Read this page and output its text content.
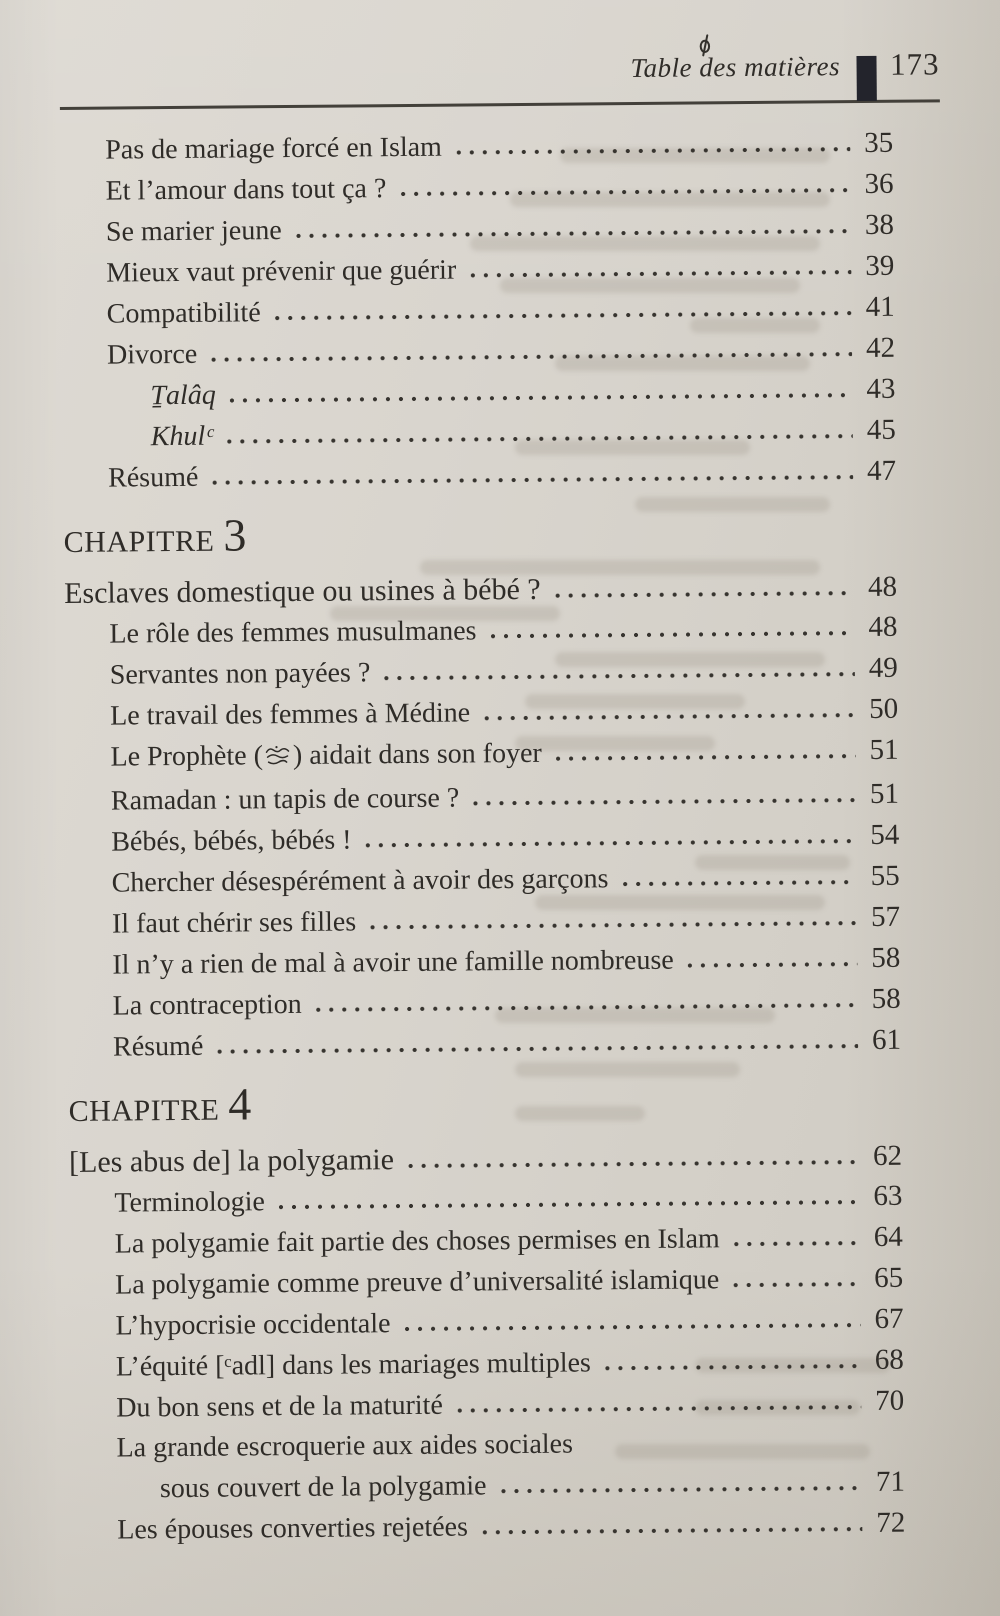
Table des matières 173
Pas de mariage forcé en Islam	35
Et l’amour dans tout ça ?	36
Se marier jeune	38
Mieux vaut prévenir que guérir	39
Compatibilité	41
Divorce	42
Ṯalâq	43
Khulᶜ	45
Résumé	47
CHAPITRE 3
Esclaves domestique ou usines à bébé ?	48
Le rôle des femmes musulmanes	48
Servantes non payées ?	49
Le travail des femmes à Médine	50
Le Prophète ( ) aidait dans son foyer	51
Ramadan : un tapis de course ?	51
Bébés, bébés, bébés !	54
Chercher désespérément à avoir des garçons	55
Il faut chérir ses filles	57
Il n’y a rien de mal à avoir une famille nombreuse	58
La contraception	58
Résumé	61
CHAPITRE 4
[Les abus de] la polygamie	62
Terminologie	63
La polygamie fait partie des choses permises en Islam	64
La polygamie comme preuve d’universalité islamique	65
L’hypocrisie occidentale	67
L’équité [ᶜadl] dans les mariages multiples	68
Du bon sens et de la maturité	70
La grande escroquerie aux aides sociales
sous couvert de la polygamie	71
Les épouses converties rejetées	72
